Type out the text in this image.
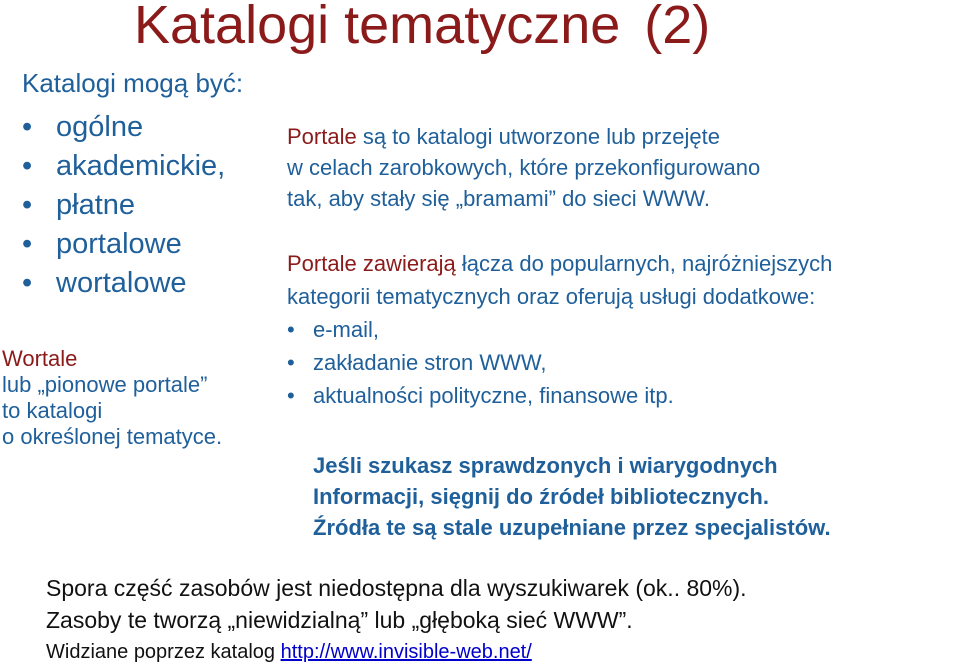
Katalogi tematyczne (2)
Katalogi mogą być:
• ogólne
• akademickie,
• płatne
• portalowe
• wortalowe
Wortale
lub „pionowe portale”
to katalogi
o określonej tematyce.
Portale są to katalogi utworzone lub przejęte
w celach zarobkowych, które przekonfigurowano
tak, aby stały się „bramami” do sieci WWW.
Portale zawierają łącza do popularnych, najróżniejszych
kategorii tematycznych oraz oferują usługi dodatkowe:
• e-mail,
• zakładanie stron WWW,
• aktualności polityczne, finansowe itp.
Jeśli szukasz sprawdzonych i wiarygodnych
Informacji, sięgnij do źródeł bibliotecznych.
Źródła te są stale uzupełniane przez specjalistów.
Spora część zasobów jest niedostępna dla wyszukiwarek (ok.. 80%).
Zasoby te tworzą „niewidzialną” lub „głęboką sieć WWW”.
Widziane poprzez katalog http://www.invisible-web.net/
